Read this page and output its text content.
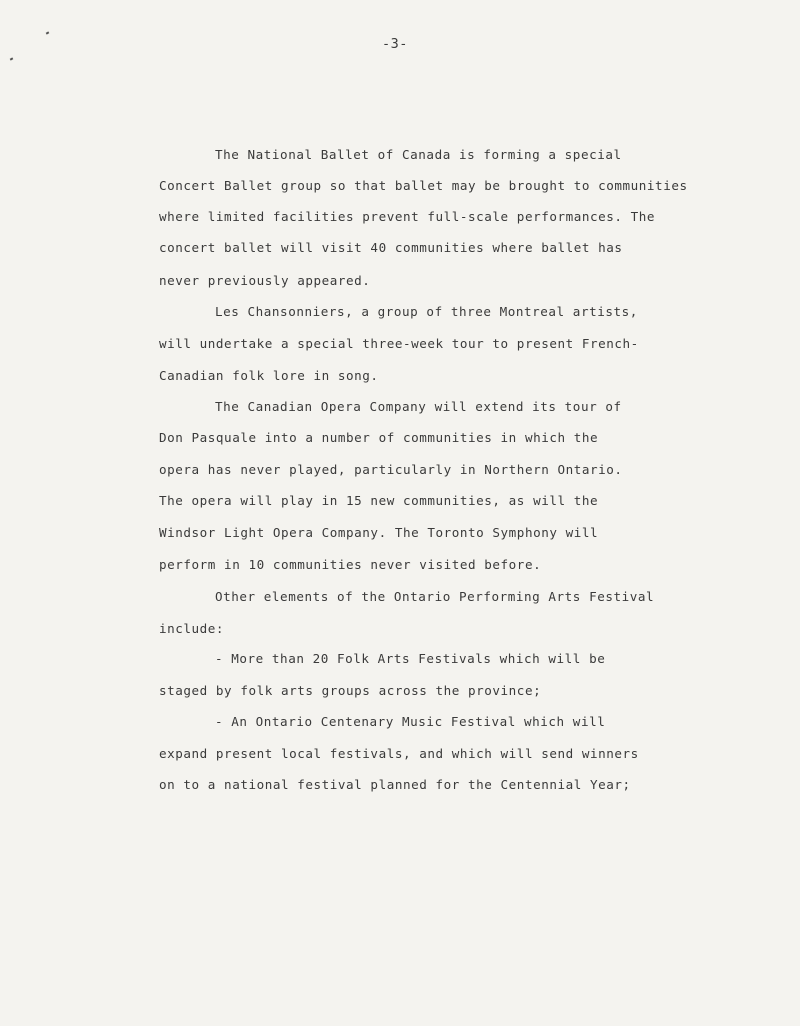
-3-
The National Ballet of Canada is forming a special
Concert Ballet group so that ballet may be brought to communities
where limited facilities prevent full-scale performances. The
concert ballet will visit 40 communities where ballet has
never previously appeared.
Les Chansonniers, a group of three Montreal artists,
will undertake a special three-week tour to present French-
Canadian folk lore in song.
The Canadian Opera Company will extend its tour of
Don Pasquale into a number of communities in which the
opera has never played, particularly in Northern Ontario.
The opera will play in 15 new communities, as will the
Windsor Light Opera Company. The Toronto Symphony will
perform in 10 communities never visited before.
Other elements of the Ontario Performing Arts Festival
include:
- More than 20 Folk Arts Festivals which will be
staged by folk arts groups across the province;
- An Ontario Centenary Music Festival which will
expand present local festivals, and which will send winners
on to a national festival planned for the Centennial Year;
